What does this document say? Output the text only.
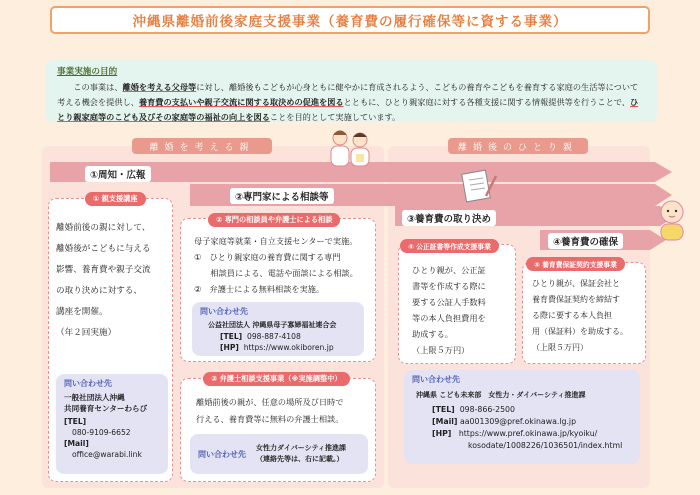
沖縄県離婚前後家庭支援事業（養育費の履行確保等に資する事業）
事業実施の目的
この事業は、離婚を考える父母等に対し、離婚後もこどもが心身ともに健やかに育成されるよう、こどもの養育やこどもを養育する家庭の生活等について考える機会を提供し、養育費の支払いや親子交流に関する取決めの促進を図るとともに、ひとり親家庭に対する各種支援に関する情報提供等を行うことで、ひとり親家庭等のこども及びその家庭等の福祉の向上を図ることを目的として実施しています。
離婚を考える親	離婚後のひとり親
①周知・広報
②専門家による相談等
③養育費の取り決め
④養育費の確保
① 親支援講座
離婚前後の親に対して、
離婚後がこどもに与える
影響、養育費や親子交流
の取り決めに対する、
講座を開催。
（年２回実施）
問い合わせ先
一般社団法人沖縄
共同養育センターわらび
[TEL]
080-9109-6652
[Mail]
office@warabi.link
② 専門の相談員や弁護士による相談
母子家庭等就業・自立支援センターで実施。
①　ひとり親家庭の養育費に関する専門
　　相談員による、電話や面談による相談。
②　弁護士による無料相談を実施。
問い合わせ先
公益社団法人 沖縄県母子寡婦福祉連合会
[TEL] 098-887-4108
[HP] https://www.okiboren.jp
③ 弁護士相談支援事業（※実施調整中）
離婚前後の親が、任意の場所及び日時で
行える、養育費等に無料の弁護士相談。
問い合わせ先
女性力ダイバーシティ推進課
（連絡先等は、右に記載。）
④ 公正証書等作成支援事業
ひとり親が、公正証
書等を作成する際に
要する公証人手数料
等の本人負担費用を
助成する。
（上限５万円）
⑤ 養育費保証契約支援事業
ひとり親が、保証会社と
養育費保証契約を締結す
る際に要する本人負担
用（保証料）を助成する。
（上限５万円）
問い合わせ先
沖縄県 こども未来部　女性力・ダイバーシティ推進課
[TEL] 098-866-2500
[Mail] aa001309@pref.okinawa.lg.jp
[HP] https://www.pref.okinawa.jp/kyoiku/
kosodate/1008226/1036501/index.html
